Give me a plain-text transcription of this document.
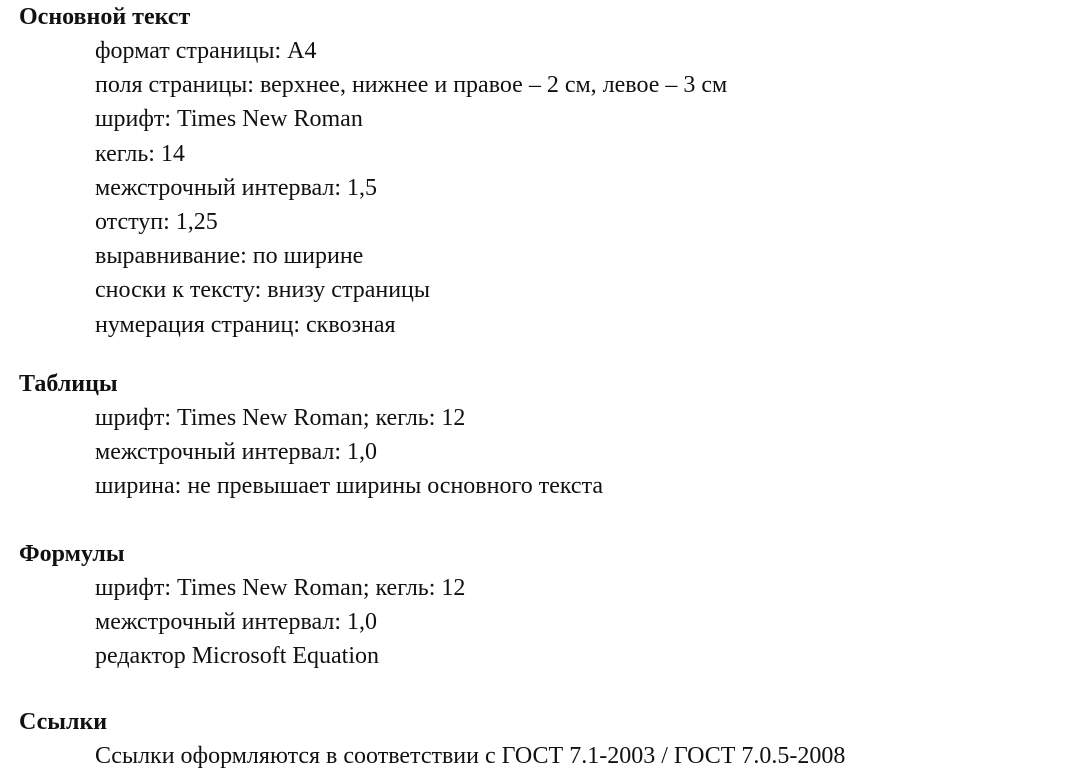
Основной текст
формат страницы: А4
поля страницы: верхнее, нижнее и правое – 2 см, левое – 3 см
шрифт: Times New Roman
кегль: 14
межстрочный интервал: 1,5
отступ: 1,25
выравнивание: по ширине
сноски к тексту: внизу страницы
нумерация страниц: сквозная
Таблицы
шрифт: Times New Roman; кегль: 12
межстрочный интервал: 1,0
ширина: не превышает ширины основного текста
Формулы
шрифт: Times New Roman; кегль: 12
межстрочный интервал: 1,0
редактор Microsoft Equation
Ссылки
Ссылки оформляются в соответствии с ГОСТ 7.1-2003 / ГОСТ 7.0.5-2008
